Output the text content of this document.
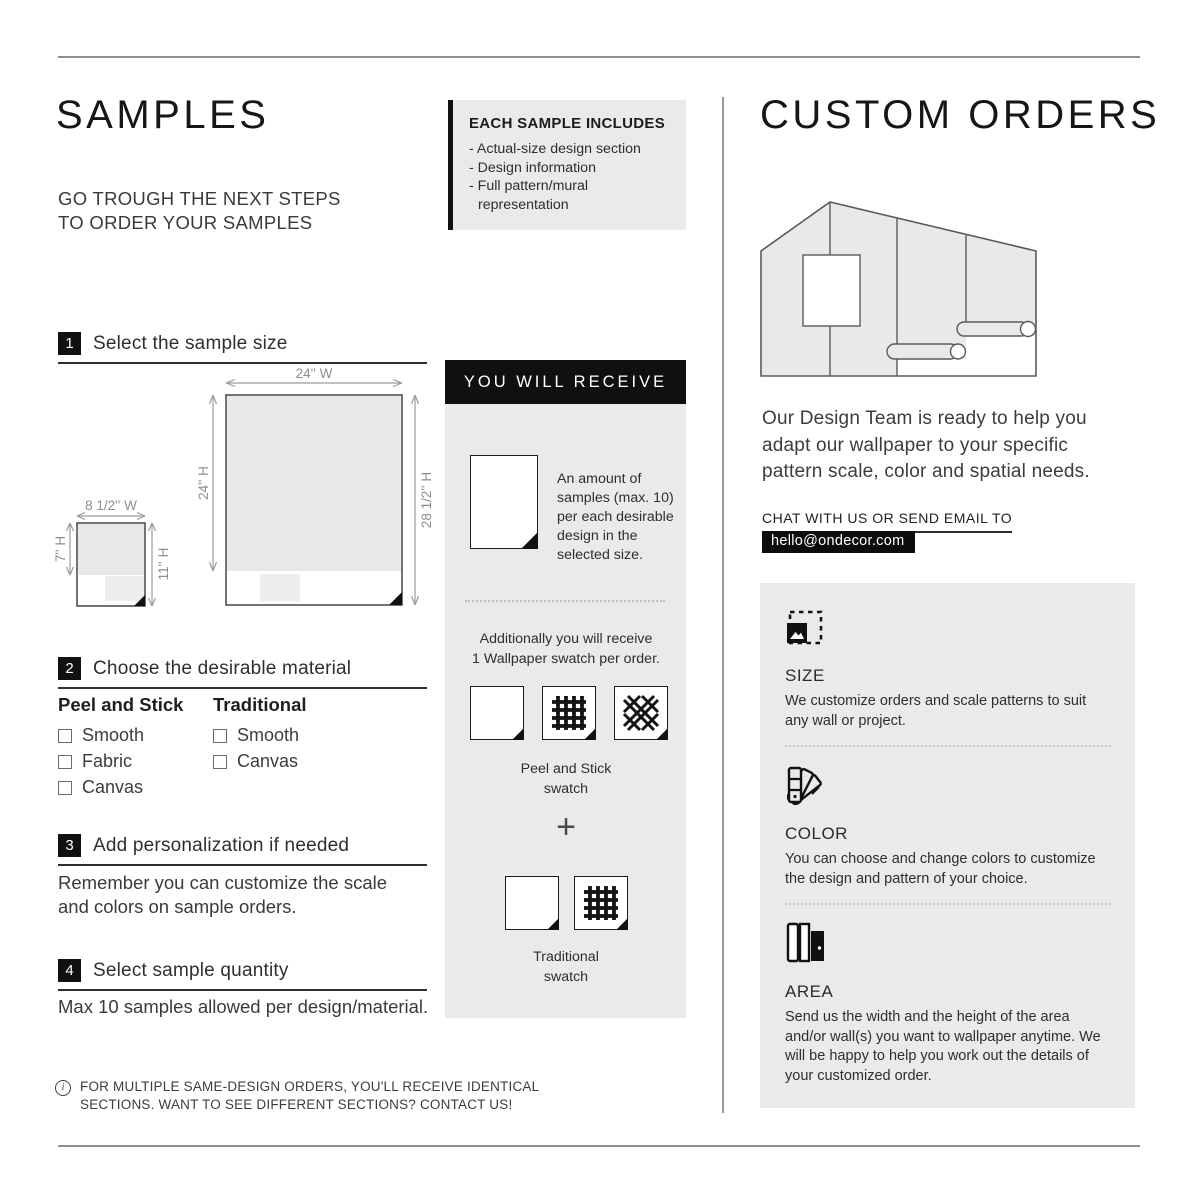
SAMPLES
GO TROUGH THE NEXT STEPS
TO ORDER YOUR SAMPLES
1	Select the sample size
24'' W
24'' H	28 1/2'' H
8 1/2'' W
7'' H	11'' H
2	Choose the desirable material
Peel and Stick
Smooth
Fabric
Canvas
Traditional
Smooth
Canvas
3	Add personalization if needed
Remember you can customize the scale
and colors on sample orders.
4	Select sample quantity
Max 10 samples allowed per design/material.
i	FOR MULTIPLE SAME-DESIGN ORDERS, YOU'LL RECEIVE IDENTICAL
SECTIONS. WANT TO SEE DIFFERENT SECTIONS? CONTACT US!
EACH SAMPLE INCLUDES
- Actual-size design section
- Design information
- Full pattern/mural representation
YOU WILL RECEIVE
An amount of samples (max. 10) per each desirable design in the selected size.
Additionally you will receive
1 Wallpaper swatch per order.
Peel and Stick
swatch
+
Traditional
swatch
CUSTOM ORDERS
Our Design Team is ready to help you
adapt our wallpaper to your specific
pattern scale, color and spatial needs.
CHAT WITH US OR SEND EMAIL TO
hello@ondecor.com
SIZE
We customize orders and scale patterns to suit any wall or project.
COLOR
You can choose and change colors to customize the design and pattern of your choice.
AREA
Send us the width and the height of the area and/or wall(s) you want to wallpaper anytime. We will be happy to help you work out the details of your customized order.
